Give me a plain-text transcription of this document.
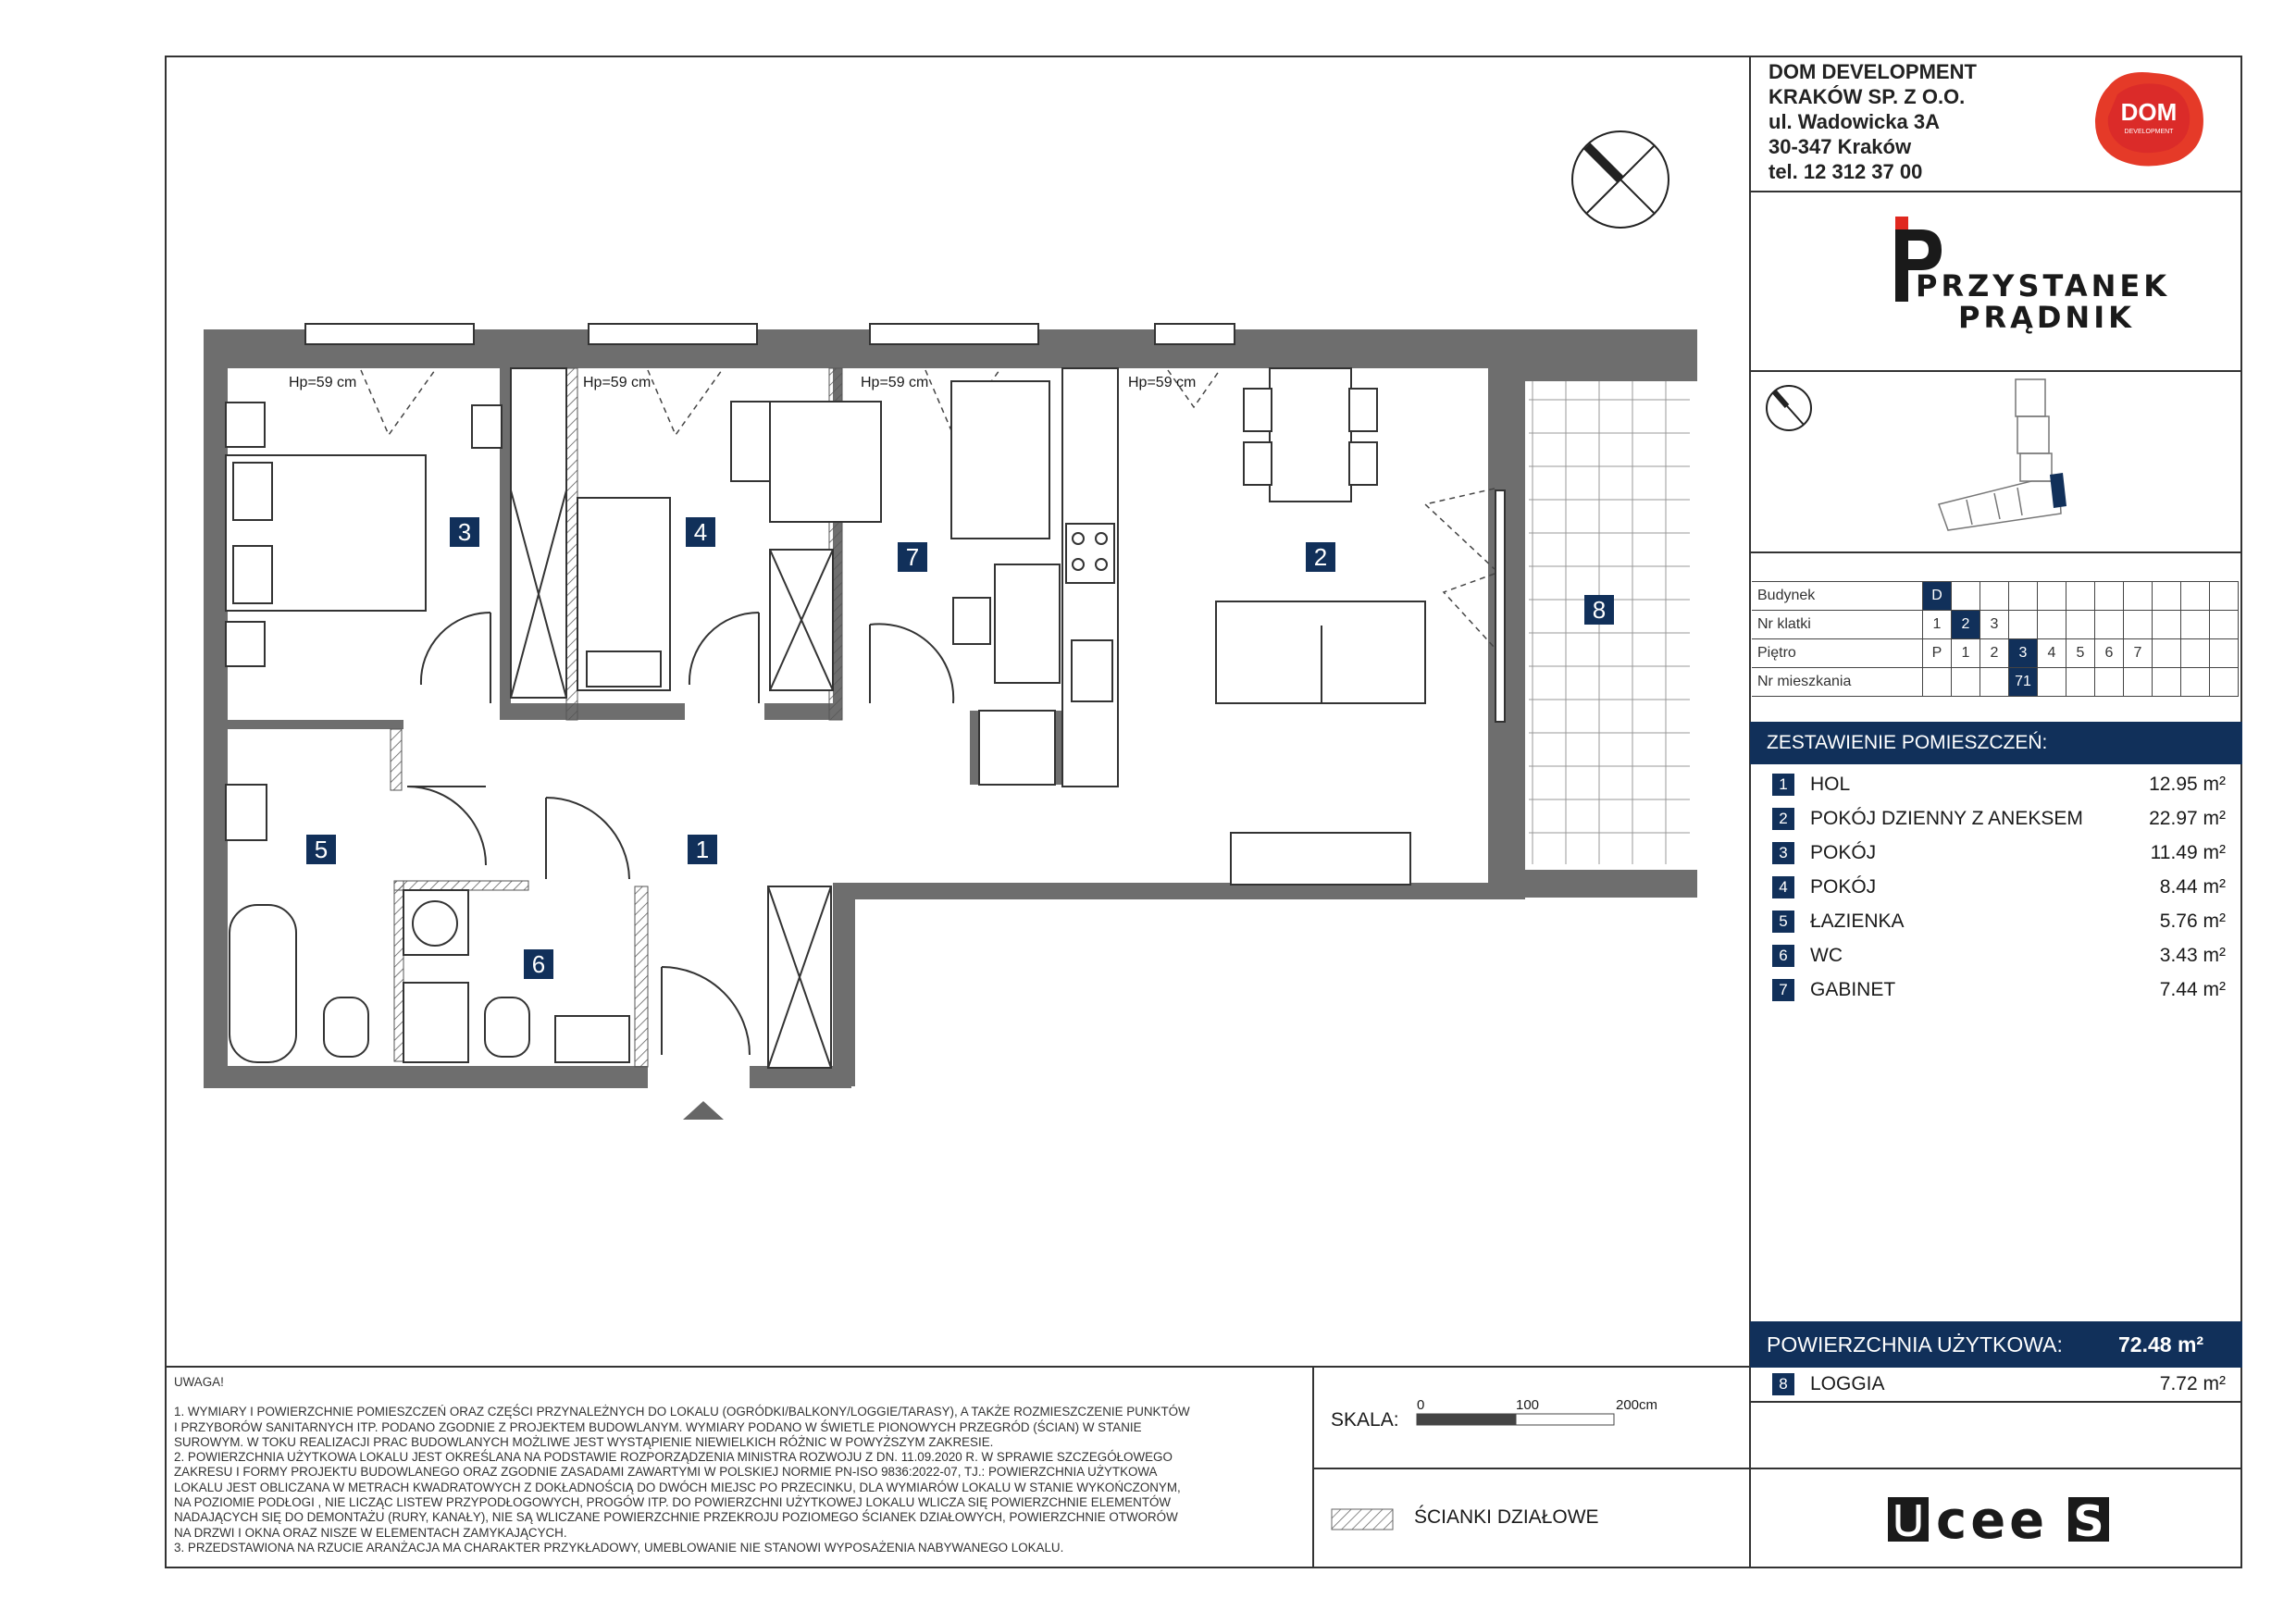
DOM DEVELOPMENT
KRAKÓW SP. Z O.O.
ul. Wadowicka 3A
30-347 Kraków
tel. 12 312 37 00
DOM
DEVELOPMENT
PRZYSTANEK
PRĄDNIK
Budynek	D										
Nr klatki	1	2	3								
Piętro	P	1	2	3	4	5	6	7			
Nr mieszkania				71							
ZESTAWIENIE POMIESZCZEŃ:
1	HOL	12.95 m²
2	POKÓJ DZIENNY Z ANEKSEM	22.97 m²
3	POKÓJ	11.49 m²
4	POKÓJ	8.44 m²
5	ŁAZIENKA	5.76 m²
6	WC	3.43 m²
7	GABINET	7.44 m²
POWIERZCHNIA UŻYTKOWA:	72.48 m²
8	LOGGIA	7.72 m²
UWAGA!
1. WYMIARY I POWIERZCHNIE POMIESZCZEŃ ORAZ CZĘŚCI PRZYNALEŻNYCH DO LOKALU (OGRÓDKI/BALKONY/LOGGIE/TARASY), A TAKŻE ROZMIESZCZENIE PUNKTÓW
I PRZYBORÓW SANITARNYCH ITP. PODANO ZGODNIE Z PROJEKTEM BUDOWLANYM. WYMIARY PODANO W ŚWIETLE PIONOWYCH PRZEGRÓD (ŚCIAN) W STANIE
SUROWYM. W TOKU REALIZACJI PRAC BUDOWLANYCH MOŻLIWE JEST WYSTĄPIENIE NIEWIELKICH RÓŻNIC W POWYŻSZYM ZAKRESIE.
2. POWIERZCHNIA UŻYTKOWA LOKALU JEST OKREŚLANA NA PODSTAWIE ROZPORZĄDZENIA MINISTRA ROZWOJU Z DN. 11.09.2020 R. W SPRAWIE SZCZEGÓŁOWEGO
ZAKRESU I FORMY PROJEKTU BUDOWLANEGO ORAZ ZGODNIE ZASADAMI ZAWARTYMI W POLSKIEJ NORMIE PN-ISO 9836:2022-07, TJ.: POWIERZCHNIA UŻYTKOWA
LOKALU JEST OBLICZANA W METRACH KWADRATOWYCH Z DOKŁADNOŚCIĄ DO DWÓCH MIEJSC PO PRZECINKU, DLA WYMIARÓW LOKALU W STANIE WYKOŃCZONYM,
NA POZIOMIE PODŁOGI , NIE LICZĄC LISTEW PRZYPODŁOGOWYCH, PROGÓW ITP. DO POWIERZCHNI UŻYTKOWEJ LOKALU WLICZA SIĘ POWIERZCHNIE ELEMENTÓW
NADAJĄCYCH SIĘ DO DEMONTAŻU (RURY, KANAŁY), NIE SĄ WLICZANE POWIERZCHNIE PRZEKROJU POZIOMEGO ŚCIANEK DZIAŁOWYCH, POWIERZCHNIE OTWORÓW
NA DRZWI I OKNA ORAZ NISZE W ELEMENTACH ZAMYKAJĄCYCH.
3. PRZEDSTAWIONA NA RZUCIE ARANŻACJA MA CHARAKTER PRZYKŁADOWY, UMEBLOWANIE NIE STANOWI WYPOSAŻENIA NABYWANEGO LOKALU.
SKALA:
0	100	200cm
ŚCIANKI DZIAŁOWE	cee S
3	4
7	2
8
5	1
6
Hp=59 cm	Hp=59 cm	Hp=59 cm	Hp=59 cm
